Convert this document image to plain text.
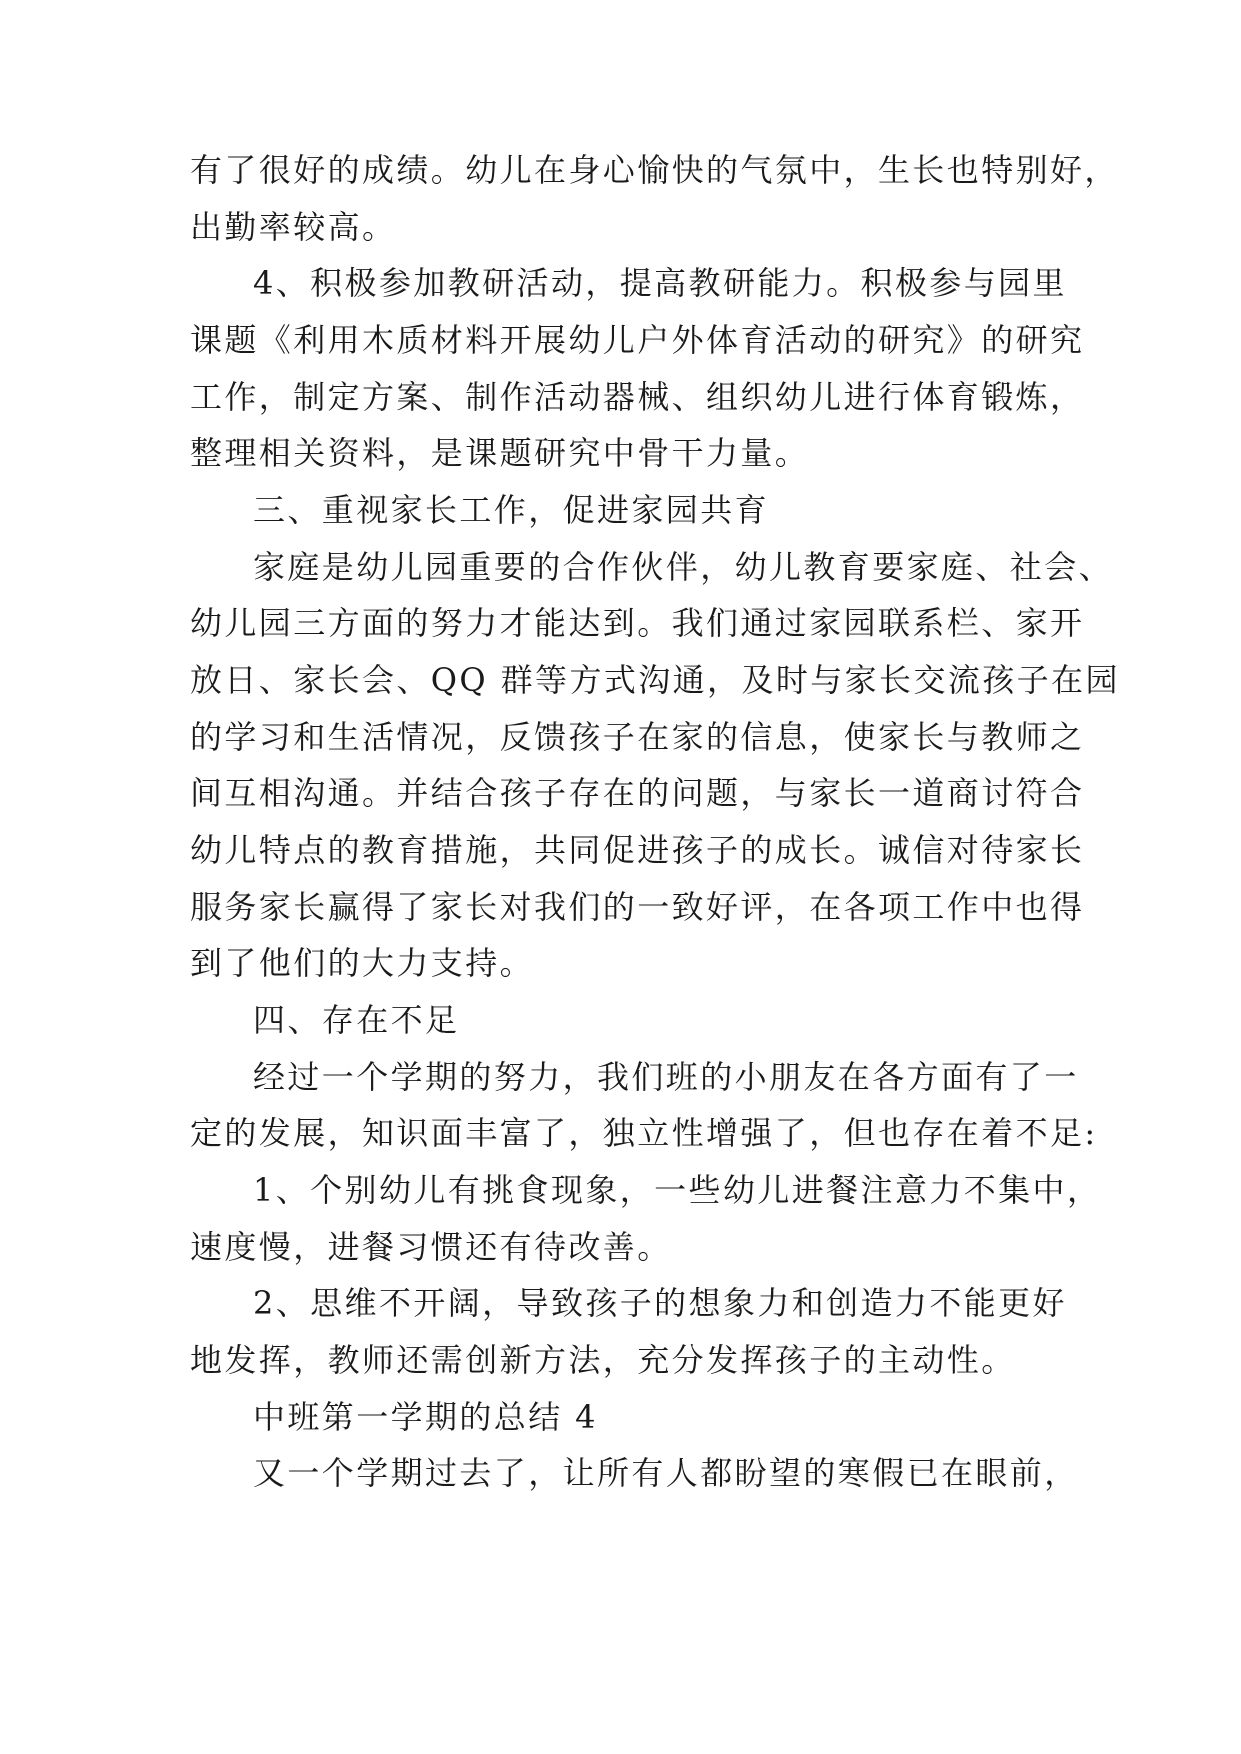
有了很好的成绩。幼儿在身心愉快的气氛中，生长也特别好，
出勤率较高。
4、积极参加教研活动，提高教研能力。积极参与园里
课题《利用木质材料开展幼儿户外体育活动的研究》的研究
工作，制定方案、制作活动器械、组织幼儿进行体育锻炼，
整理相关资料，是课题研究中骨干力量。
三、重视家长工作，促进家园共育
家庭是幼儿园重要的合作伙伴，幼儿教育要家庭、社会、
幼儿园三方面的努力才能达到。我们通过家园联系栏、家开
放日、家长会、QQ 群等方式沟通，及时与家长交流孩子在园
的学习和生活情况，反馈孩子在家的信息，使家长与教师之
间互相沟通。并结合孩子存在的问题，与家长一道商讨符合
幼儿特点的教育措施，共同促进孩子的成长。诚信对待家长
服务家长赢得了家长对我们的一致好评，在各项工作中也得
到了他们的大力支持。
四、存在不足
经过一个学期的努力，我们班的小朋友在各方面有了一
定的发展，知识面丰富了，独立性增强了，但也存在着不足:
1、个别幼儿有挑食现象，一些幼儿进餐注意力不集中，
速度慢，进餐习惯还有待改善。
2、思维不开阔，导致孩子的想象力和创造力不能更好
地发挥，教师还需创新方法，充分发挥孩子的主动性。
中班第一学期的总结 4
又一个学期过去了，让所有人都盼望的寒假已在眼前，
